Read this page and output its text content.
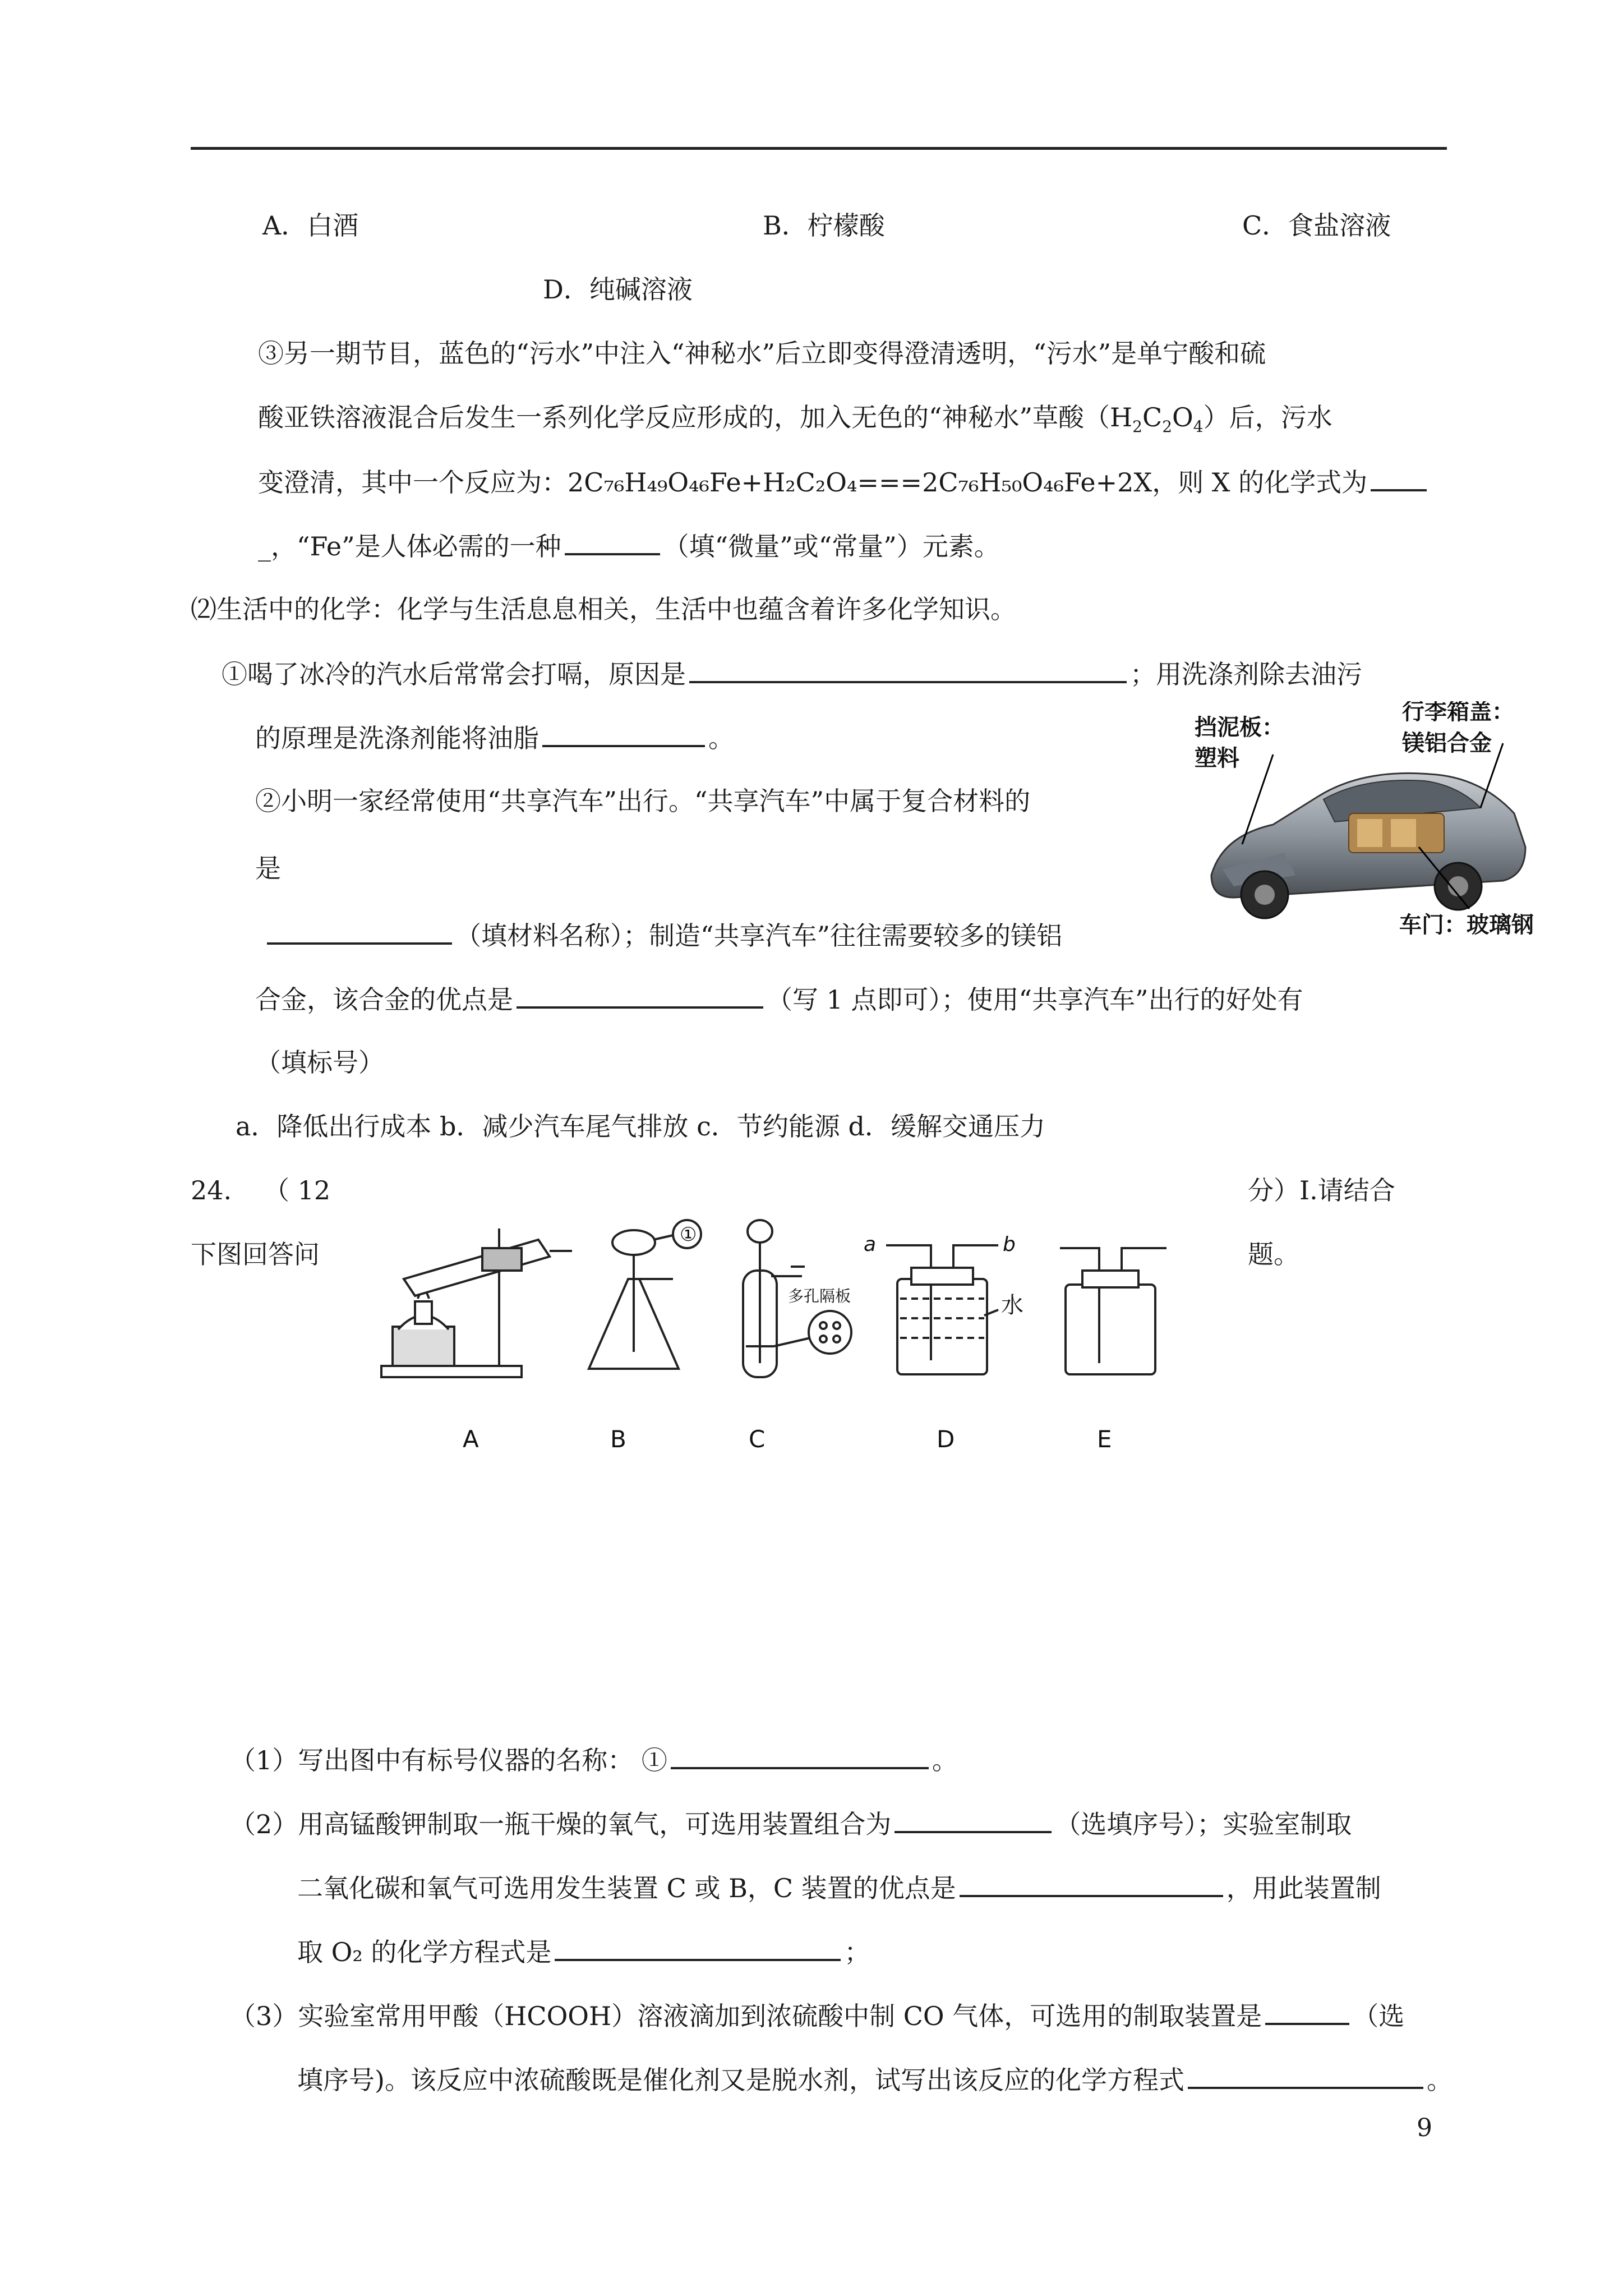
A．白酒	B．柠檬酸	C．食盐溶液
D．纯碱溶液
③另一期节目，蓝色的“污水”中注入“神秘水”后立即变得澄清透明，“污水”是单宁酸和硫
酸亚铁溶液混合后发生一系列化学反应形成的，加入无色的“神秘水”草酸$(H_2C_2O_4)$后，污水
变澄清，其中一个反应为：2C₇₆H₄₉O₄₆Fe+H₂C₂O₄===2C₇₆H₅₀O₄₆Fe+2X，则 X 的化学式为
_，“Fe”是人体必需的一种	（填“微量”或“常量”）元素。
⑵生活中的化学：化学与生活息息相关，生活中也蕴含着许多化学知识。
①喝了冰冷的汽水后常常会打嗝，原因是	；用洗涤剂除去油污
的原理是洗涤剂能将油脂	。
②小明一家经常使用“共享汽车”出行。“共享汽车”中属于复合材料的
是
（填材料名称）；制造“共享汽车”往往需要较多的镁铝
合金，该合金的优点是	（写 1 点即可）；使用“共享汽车”出行的好处有
（填标号）
a．降低出行成本 b．减少汽车尾气排放 c．节约能源 d．缓解交通压力
挡泥板：
塑料
行李箱盖：
镁铝合金
车门：玻璃钢
24. （ 12	分）Ⅰ.请结合
下图回答问	题。
A	B	C	D	E
①
多孔隔板
a	b
水
（1）写出图中有标号仪器的名称： ①	。
（2）用高锰酸钾制取一瓶干燥的氧气，可选用装置组合为	（选填序号）；实验室制取
二氧化碳和氧气可选用发生装置 C 或 B，C 装置的优点是	，用此装置制
取 O₂ 的化学方程式是	；
（3）实验室常用甲酸（HCOOH）溶液滴加到浓硫酸中制 CO 气体，可选用的制取装置是	（选
填序号)。该反应中浓硫酸既是催化剂又是脱水剂，试写出该反应的化学方程式	。
9
